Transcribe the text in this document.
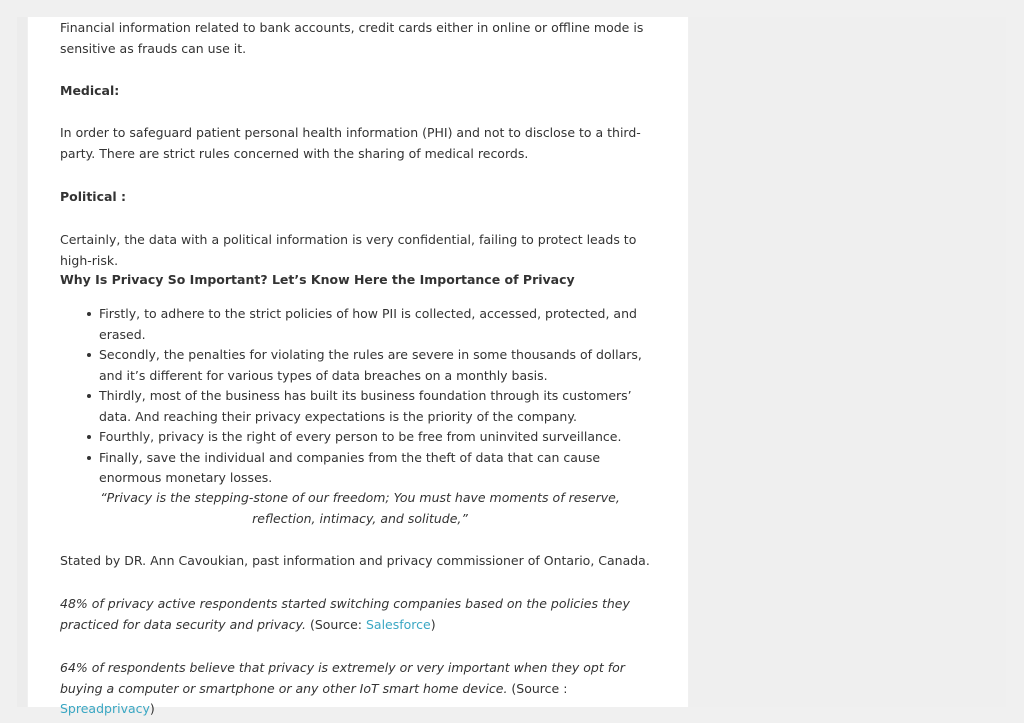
Financial information related to bank accounts, credit cards either in online or offline mode is sensitive as frauds can use it.

Medical:

In order to safeguard patient personal health information (PHI) and not to disclose to a third-party. There are strict rules concerned with the sharing of medical records.

Political :

Certainly, the data with a political information is very confidential, failing to protect leads to high-risk.

Why Is Privacy So Important? Let’s Know Here the Importance of Privacy

Firstly, to adhere to the strict policies of how PII is collected, accessed, protected, and erased.
Secondly, the penalties for violating the rules are severe in some thousands of dollars, and it’s different for various types of data breaches on a monthly basis.
Thirdly, most of the business has built its business foundation through its customers’ data. And reaching their privacy expectations is the priority of the company.
Fourthly, privacy is the right of every person to be free from uninvited surveillance.
Finally, save the individual and companies from the theft of data that can cause enormous monetary losses.

“Privacy is the stepping-stone of our freedom; You must have moments of reserve, reflection, intimacy, and solitude,”

Stated by DR. Ann Cavoukian, past information and privacy commissioner of Ontario, Canada.

48% of privacy active respondents started switching companies based on the policies they practiced for data security and privacy. (Source: Salesforce)

64% of respondents believe that privacy is extremely or very important when they opt for buying a computer or smartphone or any other IoT smart home device. (Source : Spreadprivacy)
